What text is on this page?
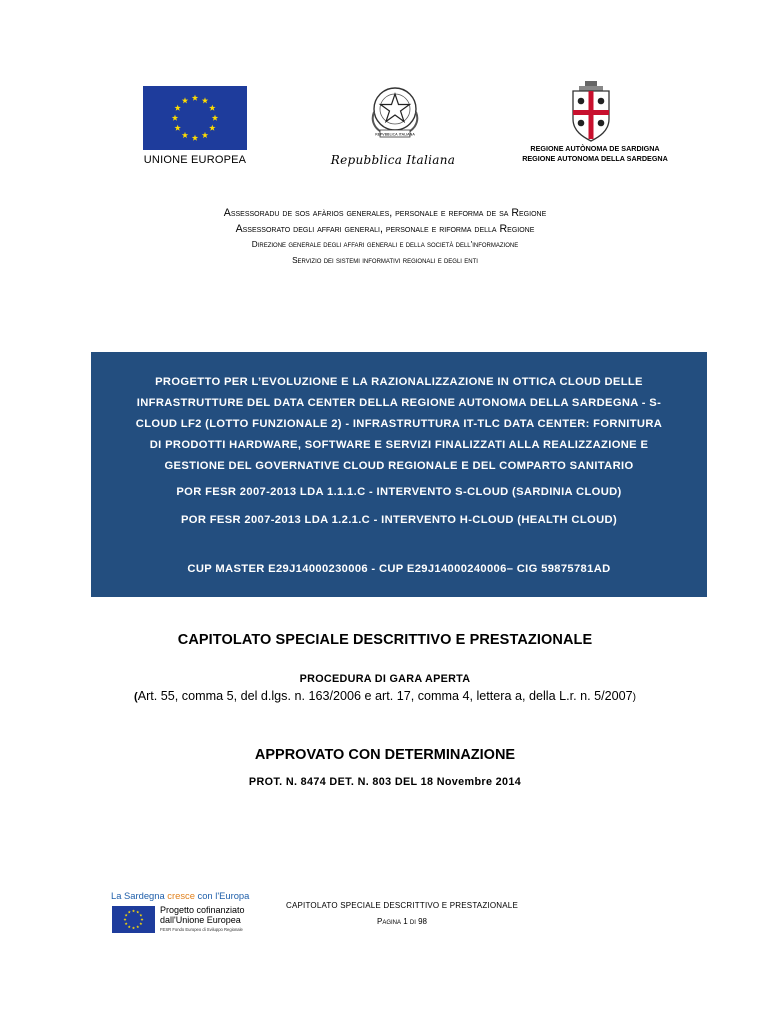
UNIONE EUROPEA
REPVBBLICA ITALIANA
Repubblica Italiana
REGIONE AUTÒNOMA DE SARDIGNA
REGIONE AUTONOMA DELLA SARDEGNA
Assessoradu de sos afàrios generales, personale e reforma de sa Regione
Assessorato degli affari generali, personale e riforma della Regione
Direzione generale degli affari generali e della società dell'informazione
Servizio dei sistemi informativi regionali e degli enti
PROGETTO PER L’EVOLUZIONE E LA RAZIONALIZZAZIONE IN OTTICA CLOUD DELLE
INFRASTRUTTURE DEL DATA CENTER DELLA REGIONE AUTONOMA DELLA SARDEGNA - S-
CLOUD LF2 (LOTTO FUNZIONALE 2) - INFRASTRUTTURA IT-TLC DATA CENTER: FORNITURA
DI PRODOTTI HARDWARE, SOFTWARE E SERVIZI FINALIZZATI ALLA REALIZZAZIONE E
GESTIONE DEL GOVERNATIVE CLOUD REGIONALE E DEL COMPARTO SANITARIO
POR FESR 2007-2013 LDA 1.1.1.C - INTERVENTO S-CLOUD (SARDINIA CLOUD)
POR FESR 2007-2013 LDA 1.2.1.C - INTERVENTO H-CLOUD (HEALTH CLOUD)
CUP MASTER E29J14000230006 - CUP E29J14000240006– CIG 59875781AD
CAPITOLATO SPECIALE DESCRITTIVO E PRESTAZIONALE
PROCEDURA DI GARA APERTA
(Art. 55, comma 5, del d.lgs. n. 163/2006 e art. 17, comma 4, lettera a, della L.r. n. 5/2007)
APPROVATO CON DETERMINAZIONE
PROT. N. 8474 DET. N. 803 DEL 18 Novembre 2014
La Sardegna cresce con l'Europa
Progetto cofinanziato
dall'Unione Europea
FESR Fondo Europeo di Sviluppo Regionale
CAPITOLATO SPECIALE DESCRITTIVO E PRESTAZIONALE
Pagina 1 di 98
